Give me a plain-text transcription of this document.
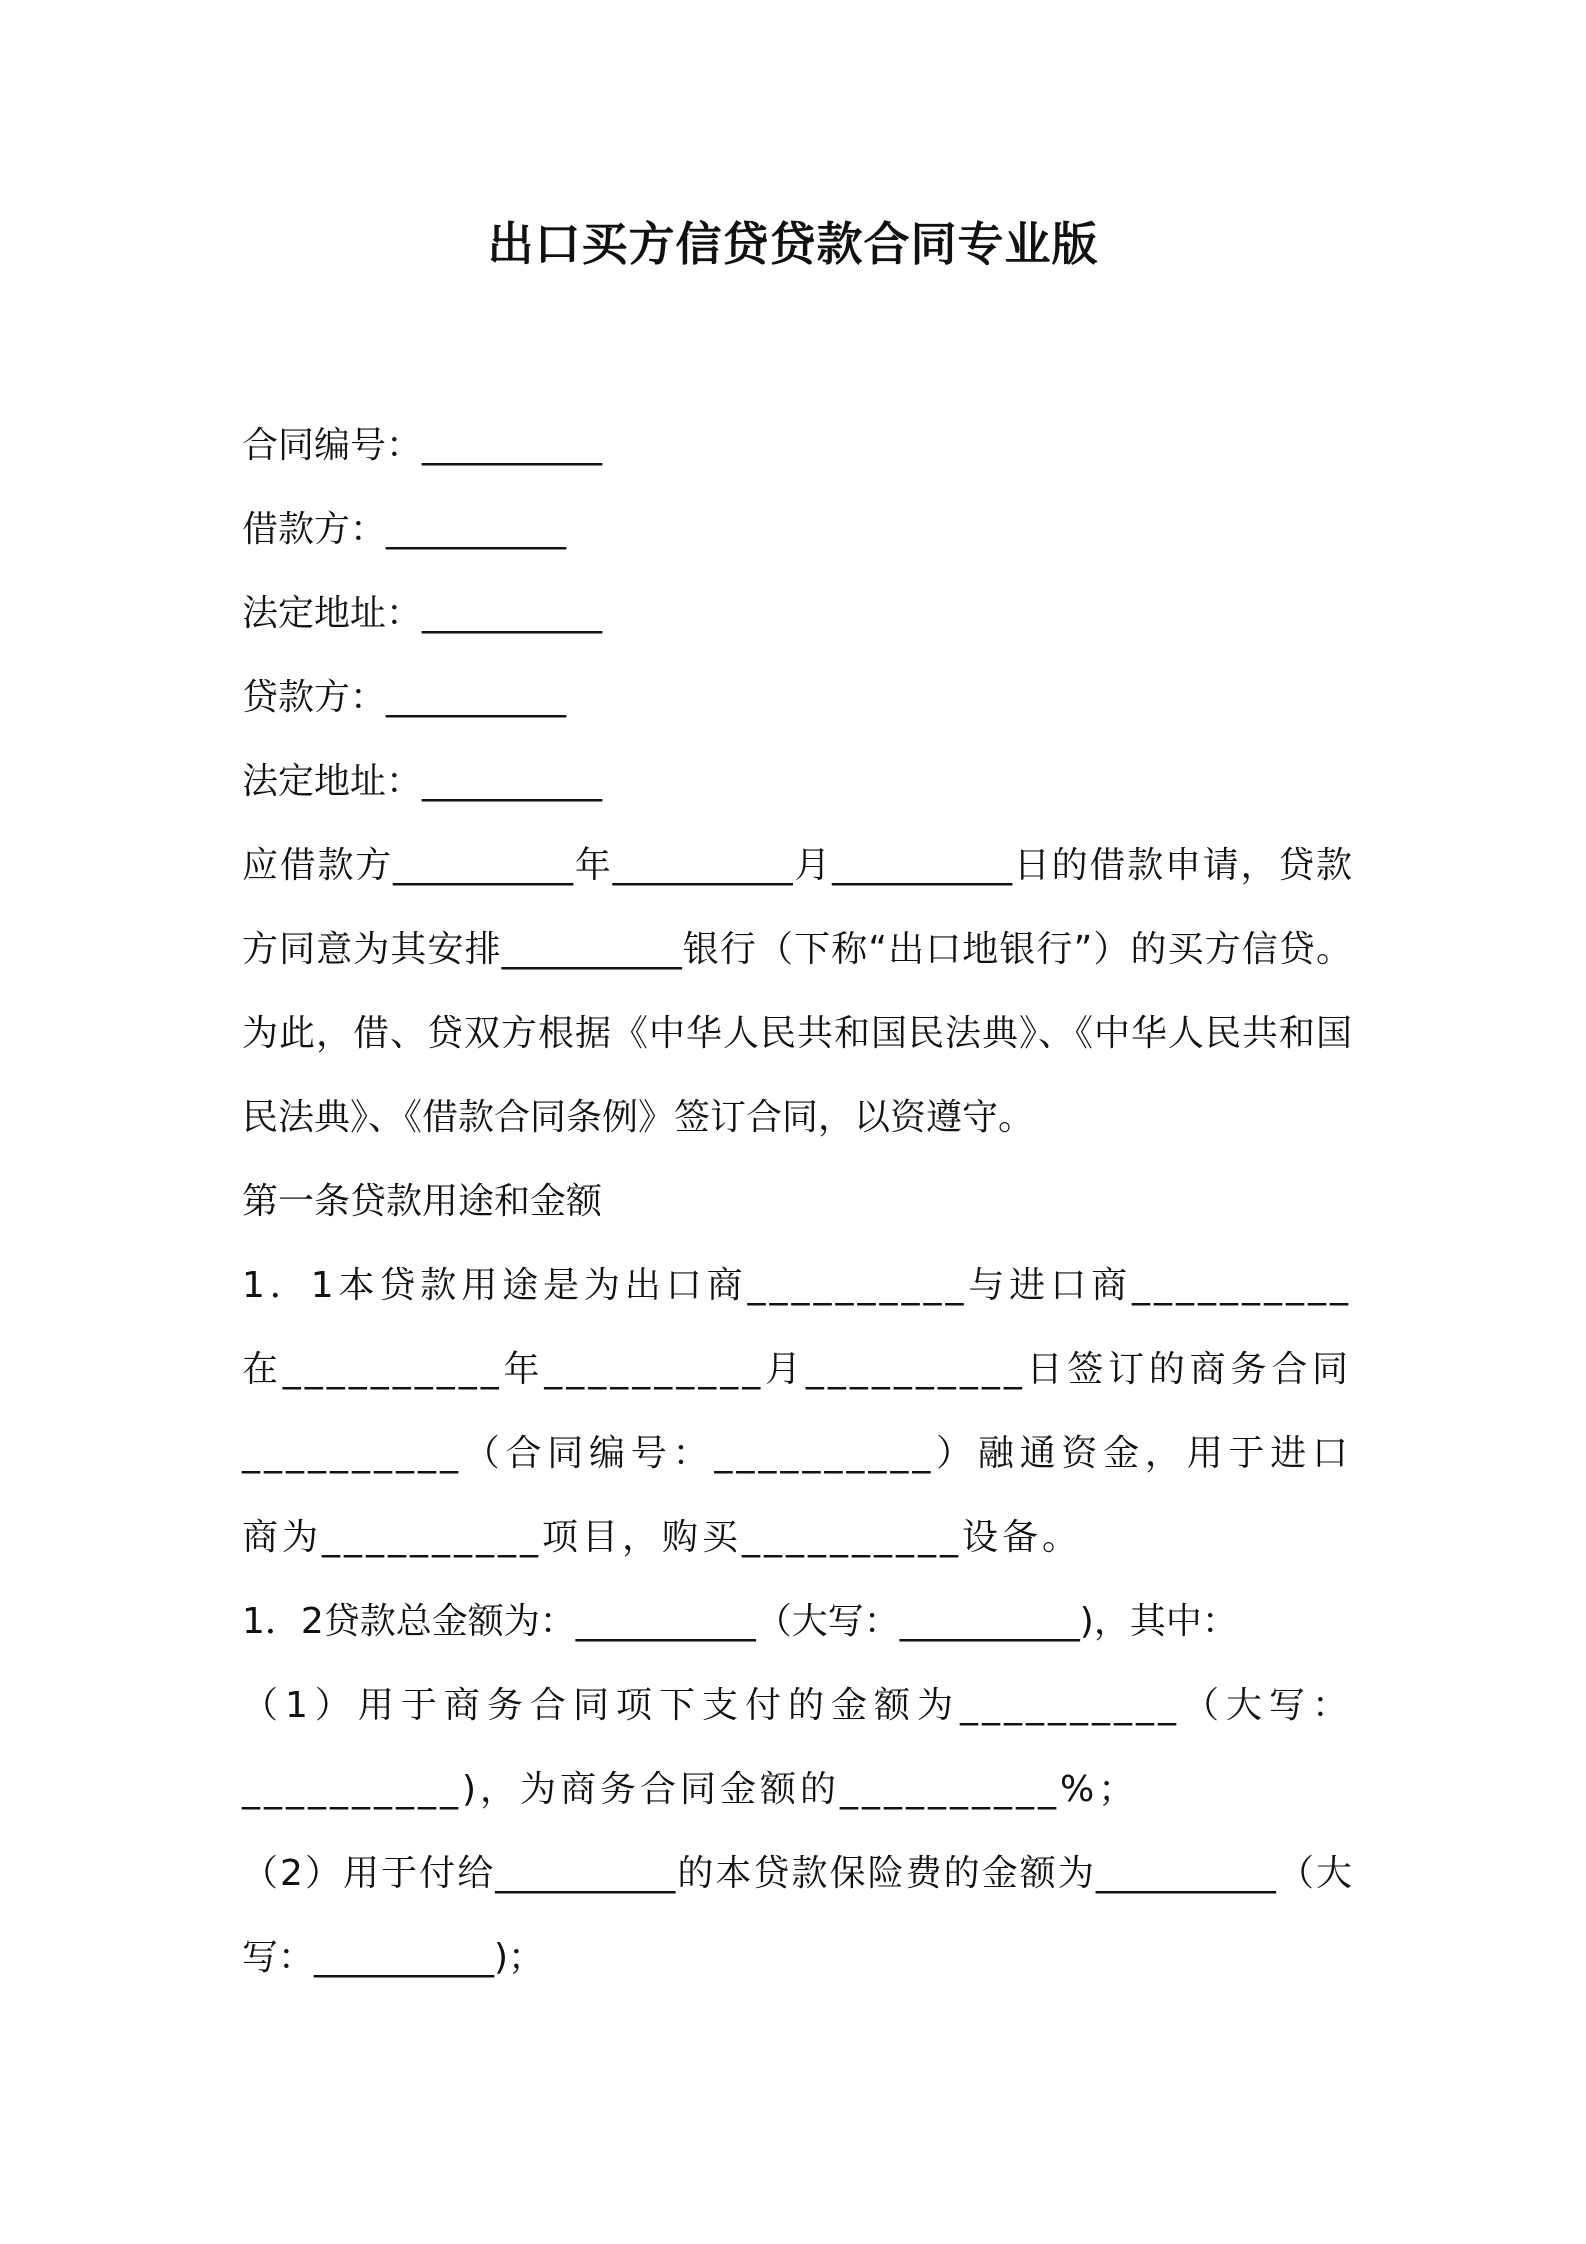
出口买方信贷贷款合同专业版

合同编号：__________

借款方：__________

法定地址：__________

贷款方：__________

法定地址：__________

应借款方__________年__________月__________日的借款申请，贷款方同意为其安排__________银行（下称“出口地银行”）的买方信贷。为此，借、贷双方根据《中华人民共和国民法典》、《中华人民共和国民法典》、《借款合同条例》签订合同，以资遵守。

第一条贷款用途和金额

1．1本贷款用途是为出口商__________与进口商__________在__________年__________月__________日签订的商务合同__________（合同编号：__________）融通资金，用于进口商为__________项目，购买__________设备。

1．2贷款总金额为：__________（大写：__________)，其中：

（1）用于商务合同项下支付的金额为__________（大写：__________)，为商务合同金额的__________%；

（2）用于付给__________的本贷款保险费的金额为__________（大写：__________)；
